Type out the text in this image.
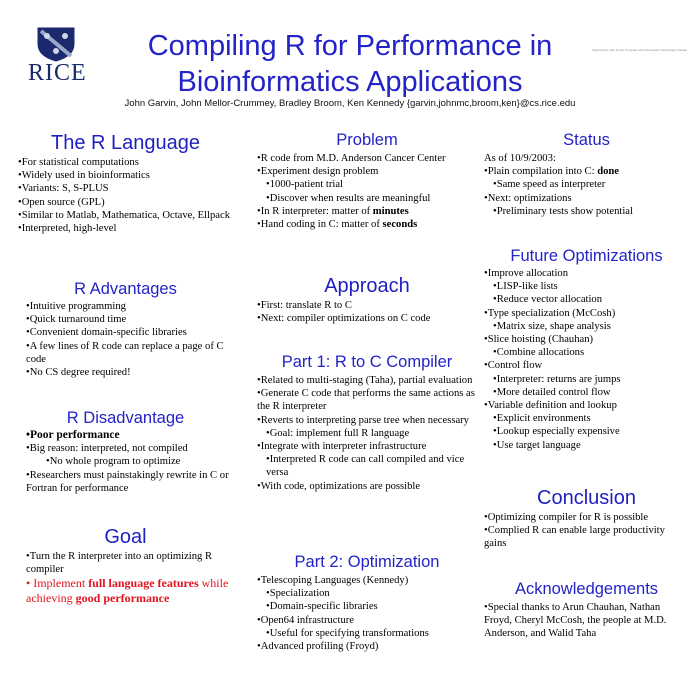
RICE
Compiling R for Performance in
Bioinformatics Applications
Supported in part by the Computer and Information Technology Institute
John Garvin, John Mellor-Crummey, Bradley Broom, Ken Kennedy {garvin,johnmc,broom,ken}@cs.rice.edu
The R Language
• For statistical computations
• Widely used in bioinformatics
• Variants: S, S-PLUS
• Open source (GPL)
• Similar to Matlab, Mathematica, Octave, Ellpack
• Interpreted, high-level
R Advantages
• Intuitive programming
• Quick turnaround time
• Convenient domain-specific libraries
• A few lines of R code can replace a page of C code
• No CS degree required!
R Disadvantage
• Poor performance
• Big reason: interpreted, not compiled
• No whole program to optimize
• Researchers must painstakingly rewrite in C or Fortran for performance
Goal
• Turn the R interpreter into an optimizing R compiler
• Implement full language features while achieving good performance
Problem
• R code from M.D. Anderson Cancer Center
• Experiment design problem
• 1000-patient trial
• Discover when results are meaningful
• In R interpreter: matter of minutes
• Hand coding in C: matter of seconds
Approach
• First: translate R to C
• Next: compiler optimizations on C code
Part 1: R to C Compiler
• Related to multi-staging (Taha), partial evaluation
• Generate C code that performs the same actions as the R interpreter
• Reverts to interpreting parse tree when necessary
• Goal: implement full R language
• Integrate with interpreter infrastructure
• Interpreted R code can call compiled and vice versa
• With code, optimizations are possible
Part 2: Optimization
• Telescoping Languages (Kennedy)
• Specialization
• Domain-specific libraries
• Open64 infrastructure
• Useful for specifying transformations
• Advanced profiling (Froyd)
Status
As of 10/9/2003:
• Plain compilation into C: done
• Same speed as interpreter
• Next: optimizations
• Preliminary tests show potential
Future Optimizations
• Improve allocation
• LISP-like lists
• Reduce vector allocation
• Type specialization (McCosh)
• Matrix size, shape analysis
• Slice hoisting (Chauhan)
• Combine allocations
• Control flow
• Interpreter: returns are jumps
• More detailed control flow
• Variable definition and lookup
• Explicit environments
• Lookup especially expensive
• Use target language
Conclusion
• Optimizing compiler for R is possible
• Complied R can enable large productivity gains
Acknowledgements
• Special thanks to Arun Chauhan, Nathan Froyd, Cheryl McCosh, the people at M.D. Anderson, and Walid Taha
